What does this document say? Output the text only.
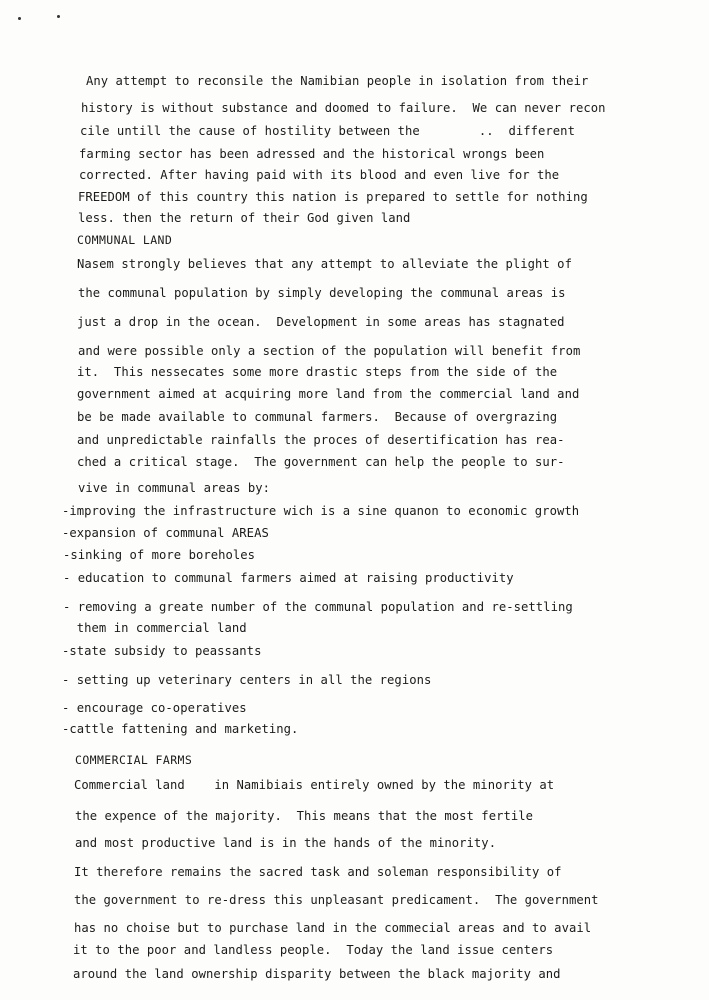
Any attempt to reconsile the Namibian people in isolation from their
history is without substance and doomed to failure.  We can never recon
cile untill the cause of hostility between the        ..  different
farming sector has been adressed and the historical wrongs been
corrected. After having paid with its blood and even live for the
FREEDOM of this country this nation is prepared to settle for nothing
less. then the return of their God given land
COMMUNAL LAND
Nasem strongly believes that any attempt to alleviate the plight of
the communal population by simply developing the communal areas is
just a drop in the ocean.  Development in some areas has stagnated
and were possible only a section of the population will benefit from
it.  This nessecates some more drastic steps from the side of the
government aimed at acquiring more land from the commercial land and
be be made available to communal farmers.  Because of overgrazing
and unpredictable rainfalls the proces of desertification has rea-
ched a critical stage.  The government can help the people to sur-
vive in communal areas by:
-improving the infrastructure wich is a sine quanon to economic growth
-expansion of communal AREAS
-sinking of more boreholes
- education to communal farmers aimed at raising productivity
- removing a greate number of the communal population and re-settling
them in commercial land
-state subsidy to peassants
- setting up veterinary centers in all the regions
- encourage co-operatives
-cattle fattening and marketing.
COMMERCIAL FARMS
Commercial land    in Namibiais entirely owned by the minority at
the expence of the majority.  This means that the most fertile
and most productive land is in the hands of the minority.
It therefore remains the sacred task and soleman responsibility of
the government to re-dress this unpleasant predicament.  The government
has no choise but to purchase land in the commecial areas and to avail
it to the poor and landless people.  Today the land issue centers
around the land ownership disparity between the black majority and
